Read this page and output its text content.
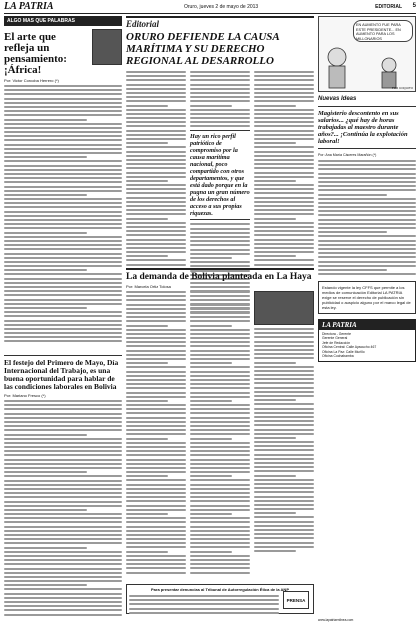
LA PATRIA	Oruro, jueves 2 de mayo de 2013	EDITORIAL 5
ALGO MAS QUE PALABRAS
El arte que refleja un pensamiento: ¡África!
Por: Victor Corcoba Herrero (*)
El festejo del Primero de Mayo, Día Internacional del Trabajo, es una buena oportunidad para hablar de las condiciones laborales en Bolivia
Por: Mariano Fresco (*)
Editorial
ORURO DEFIENDE LA CAUSA MARÍTIMA Y SU DERECHO REGIONAL AL DESARROLLO
Hay un rico perfil patriótico de compromiso por la causa marítima nacional, poco compartido con otros departamentos, y que está dado porque en la pugna un gran número de los derechos al acceso a sus propias riquezas.
La demanda de Bolivia planteada en La Haya
Por: Marcela Ortiz Tolosa
Para presentar denuncias al Tribunal de Autorregulación Ética de la ANP
PRENSA
EN AUMENTO FUE PARA ESTE PRESIDENTE... EN AUMENTO PARA LOS MILLONARIOS
POR COQUITO
Nuevas Ideas
Magisterio descontento en sus salarios... ¿qué hay de horas trabajadas al maestro durante años?... ¡Continúa la explotación laboral!
Por: Ana María Cáceres Marañón (*)
Estando vigente la ley CFFS que permite a los medios de comunicación Editorial LA PATRIA exige se reserve el derecho de publicación sin publicidad o auspicio alguno por el marco legal de esta ley.
LA PATRIA
Directora - Gerente
Gerente General
Jefe de Redacción
Oficina Central: Calle Ayacucho 467
Oficina La Paz: Calle Murillo
Oficina Cochabamba
www.lapatriaenlinea.com
